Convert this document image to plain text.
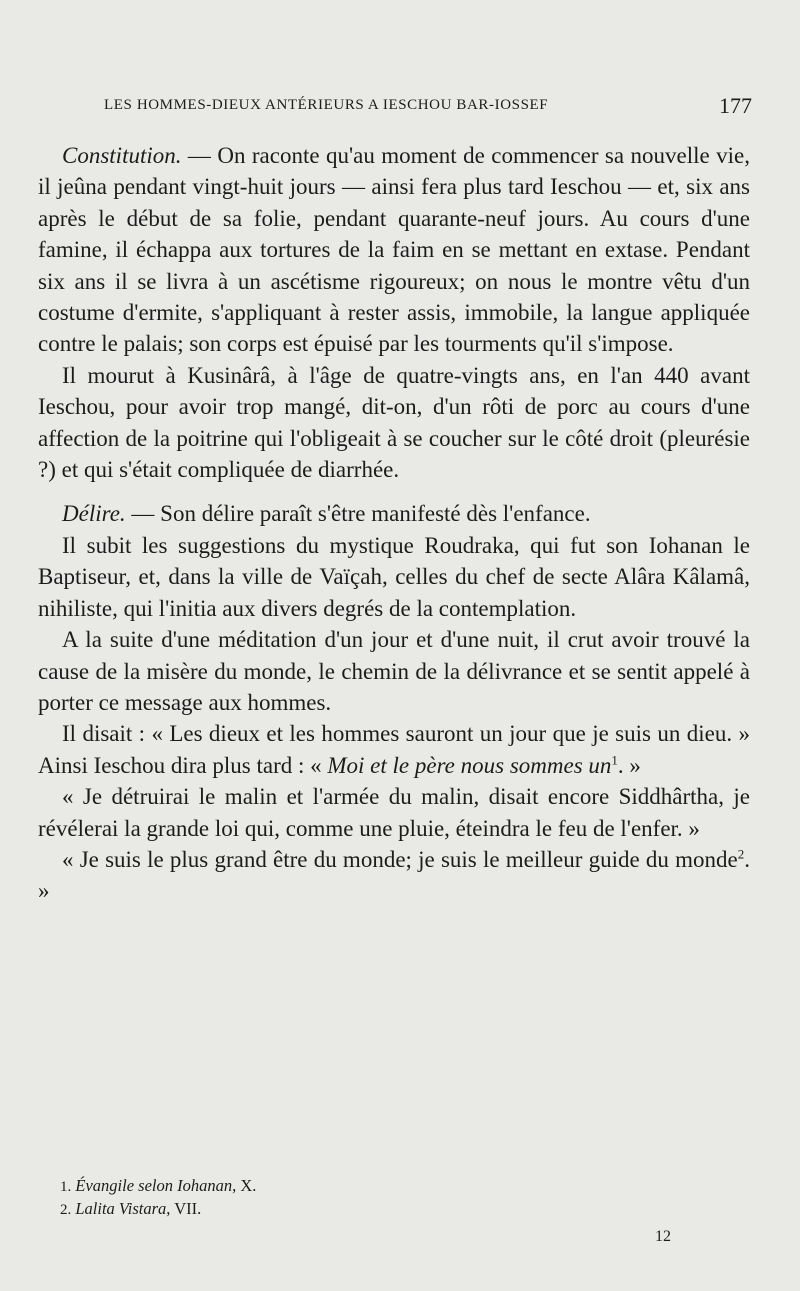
LES HOMMES-DIEUX ANTÉRIEURS A IESCHOU BAR-IOSSEF	177

Constitution. — On raconte qu'au moment de commencer sa nouvelle vie, il jeûna pendant vingt-huit jours — ainsi fera plus tard Ieschou — et, six ans après le début de sa folie, pendant quarante-neuf jours. Au cours d'une famine, il échappa aux tortures de la faim en se mettant en extase. Pendant six ans il se livra à un ascétisme rigoureux; on nous le montre vêtu d'un costume d'ermite, s'appliquant à rester assis, immobile, la langue appliquée contre le palais; son corps est épuisé par les tourments qu'il s'impose.

Il mourut à Kusinârâ, à l'âge de quatre-vingts ans, en l'an 440 avant Ieschou, pour avoir trop mangé, dit-on, d'un rôti de porc au cours d'une affection de la poitrine qui l'obligeait à se coucher sur le côté droit (pleurésie ?) et qui s'était compliquée de diarrhée.

Délire. — Son délire paraît s'être manifesté dès l'enfance.

Il subit les suggestions du mystique Roudraka, qui fut son Iohanan le Baptiseur, et, dans la ville de Vaïçah, celles du chef de secte Alâra Kâlamâ, nihiliste, qui l'initia aux divers degrés de la contemplation.

A la suite d'une méditation d'un jour et d'une nuit, il crut avoir trouvé la cause de la misère du monde, le chemin de la délivrance et se sentit appelé à porter ce message aux hommes.

Il disait : « Les dieux et les hommes sauront un jour que je suis un dieu. » Ainsi Ieschou dira plus tard : « Moi et le père nous sommes $un^1$. »

« Je détruirai le malin et l'armée du malin, disait encore Siddhârtha, je révélerai la grande loi qui, comme une pluie, éteindra le feu de l'enfer. »

« Je suis le plus grand être du monde; je suis le meilleur guide du monde$^2$. »

1. Évangile selon Iohanan, X.
2. Lalita Vistara, VII.
12
